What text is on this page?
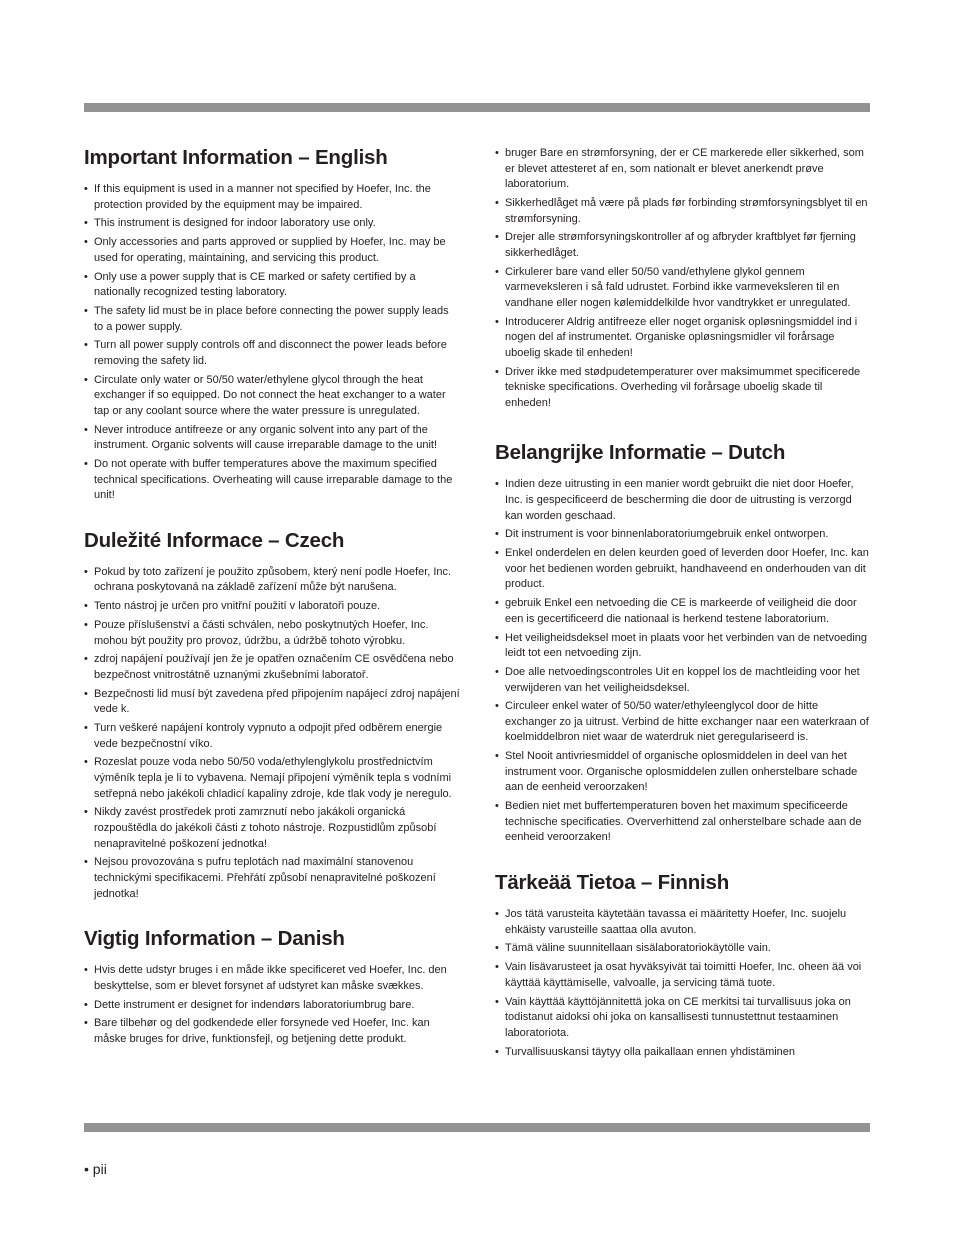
Important Information – English
• If this equipment is used in a manner not specified by Hoefer, Inc. the protection provided by the equipment may be impaired.
• This instrument is designed for indoor laboratory use only.
• Only accessories and parts approved or supplied by Hoefer, Inc. may be used for operating, maintaining, and servicing this product.
• Only use a power supply that is CE marked or safety certified by a nationally recognized testing laboratory.
• The safety lid must be in place before connecting the power supply leads to a power supply.
• Turn all power supply controls off and disconnect the power leads before removing the safety lid.
• Circulate only water or 50/50 water/ethylene glycol through the heat exchanger if so equipped. Do not connect the heat exchanger to a water tap or any coolant source where the water pressure is unregulated.
• Never introduce antifreeze or any organic solvent into any part of the instrument. Organic solvents will cause irreparable damage to the unit!
• Do not operate with buffer temperatures above the maximum specified technical specifications. Overheating will cause irreparable damage to the unit!
Duležité Informace – Czech
• Pokud by toto zařízení je použito způsobem, který není podle Hoefer, Inc. ochrana poskytovaná na základě zařízení může být narušena.
• Tento nástroj je určen pro vnitřní použití v laboratoři pouze.
• Pouze příslušenství a části schválen, nebo poskytnutých Hoefer, Inc. mohou být použity pro provoz, údržbu, a údržbě tohoto výrobku.
• zdroj napájení používají jen že je opatřen označením CE osvědčena nebo bezpečnost vnitrostátně uznanými zkušebními laboratoř.
• Bezpečnosti lid musí být zavedena před připojením napájecí zdroj napájení vede k.
• Turn veškeré napájení kontroly vypnuto a odpojit před odběrem energie vede bezpečnostní víko.
• Rozeslat pouze voda nebo 50/50 voda/ethylenglykolu prostřednictvím výměník tepla je li to vybavena. Nemají připojení výměník tepla s vodními setřepná nebo jakékoli chladicí kapaliny zdroje, kde tlak vody je neregulo.
• Nikdy zavést prostředek proti zamrznutí nebo jakákoli organická rozpouštědla do jakékoli části z tohoto nástroje. Rozpustidlům způsobí nenapravitelné poškození jednotka!
• Nejsou provozována s pufru teplotách nad maximální stanovenou technickými specifikacemi. Přehřátí způsobí nenapravitelné poškození jednotka!
Vigtig Information – Danish
• Hvis dette udstyr bruges i en måde ikke specificeret ved Hoefer, Inc. den beskyttelse, som er blevet forsynet af udstyret kan måske svækkes.
• Dette instrument er designet for indendørs laboratoriumbrug bare.
• Bare tilbehør og del godkendede eller forsynede ved Hoefer, Inc. kan måske bruges for drive, funktionsfejl, og betjening dette produkt.
• bruger Bare en strømforsyning, der er CE markerede eller sikkerhed, som er blevet attesteret af en, som nationalt er blevet anerkendt prøve laboratorium.
• Sikkerhedlåget må være på plads før forbinding strømforsyningsblyet til en strømforsyning.
• Drejer alle strømforsyningskontroller af og afbryder kraftblyet før fjerning sikkerhedlåget.
• Cirkulerer bare vand eller 50/50 vand/ethylene glykol gennem varmeveksleren i så fald udrustet. Forbind ikke varmeveksleren til en vandhane eller nogen kølemiddelkilde hvor vandtrykket er unregulated.
• Introducerer Aldrig antifreeze eller noget organisk opløsningsmiddel ind i nogen del af instrumentet. Organiske opløsningsmidler vil forårsage uboelig skade til enheden!
• Driver ikke med stødpudetemperaturer over maksimummet specificerede tekniske specifications. Overheding vil forårsage uboelig skade til enheden!
Belangrijke Informatie – Dutch
• Indien deze uitrusting in een manier wordt gebruikt die niet door Hoefer, Inc. is gespecificeerd de bescherming die door de uitrusting is verzorgd kan worden geschaad.
• Dit instrument is voor binnenlaboratoriumgebruik enkel ontworpen.
• Enkel onderdelen en delen keurden goed of leverden door Hoefer, Inc. kan voor het bedienen worden gebruikt, handhaveend en onderhouden van dit product.
• gebruik Enkel een netvoeding die CE is markeerde of veiligheid die door een is gecertificeerd die nationaal is herkend testene laboratorium.
• Het veiligheidsdeksel moet in plaats voor het verbinden van de netvoeding leidt tot een netvoeding zijn.
• Doe alle netvoedingscontroles Uit en koppel los de machtleiding voor het verwijderen van het veiligheidsdeksel.
• Circuleer enkel water of 50/50 water/ethyleenglycol door de hitte exchanger zo ja uitrust. Verbind de hitte exchanger naar een waterkraan of koelmiddelbron niet waar de waterdruk niet geregulariseerd is.
• Stel Nooit antivriesmiddel of organische oplosmiddelen in deel van het instrument voor. Organische oplosmiddelen zullen onherstelbare schade aan de eenheid veroorzaken!
• Bedien niet met buffertemperaturen boven het maximum specificeerde technische specificaties. Oververhittend zal onherstelbare schade aan de eenheid veroorzaken!
Tärkeää Tietoa – Finnish
• Jos tätä varusteita käytetään tavassa ei määritetty Hoefer, Inc. suojelu ehkäisty varusteille saattaa olla avuton.
• Tämä väline suunnitellaan sisälaboratoriokäytölle vain.
• Vain lisävarusteet ja osat hyväksyivät tai toimitti Hoefer, Inc. oheen ää voi käyttää käyttämiselle, valvoalle, ja servicing tämä tuote.
• Vain käyttää käyttöjännitettä joka on CE merkitsi tai turvallisuus joka on todistanut aidoksi ohi joka on kansallisesti tunnustettnut testaaminen laboratoriota.
• Turvallisuuskansi täytyy olla paikallaan ennen yhdistäminen
• pii
